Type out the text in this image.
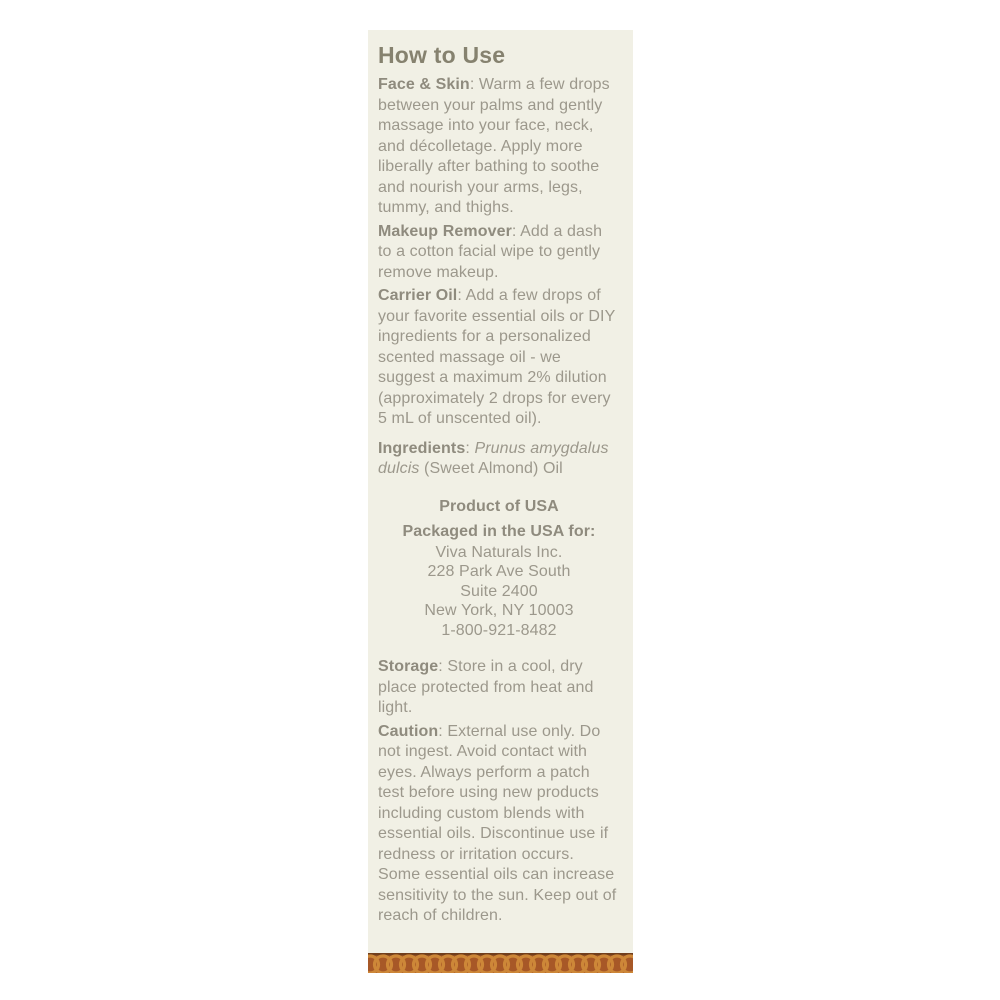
How to Use

Face & Skin: Warm a few drops between your palms and gently massage into your face, neck, and décolletage. Apply more liberally after bathing to soothe and nourish your arms, legs, tummy, and thighs.

Makeup Remover: Add a dash to a cotton facial wipe to gently remove makeup.

Carrier Oil: Add a few drops of your favorite essential oils or DIY ingredients for a personalized scented massage oil - we suggest a maximum 2% dilution (approximately 2 drops for every 5 mL of unscented oil).

Ingredients: Prunus amygdalus dulcis (Sweet Almond) Oil

Product of USA
Packaged in the USA for:
Viva Naturals Inc.
228 Park Ave South
Suite 2400
New York, NY 10003
1-800-921-8482

Storage: Store in a cool, dry place protected from heat and light.

Caution: External use only. Do not ingest. Avoid contact with eyes. Always perform a patch test before using new products including custom blends with essential oils. Discontinue use if redness or irritation occurs. Some essential oils can increase sensitivity to the sun. Keep out of reach of children.
